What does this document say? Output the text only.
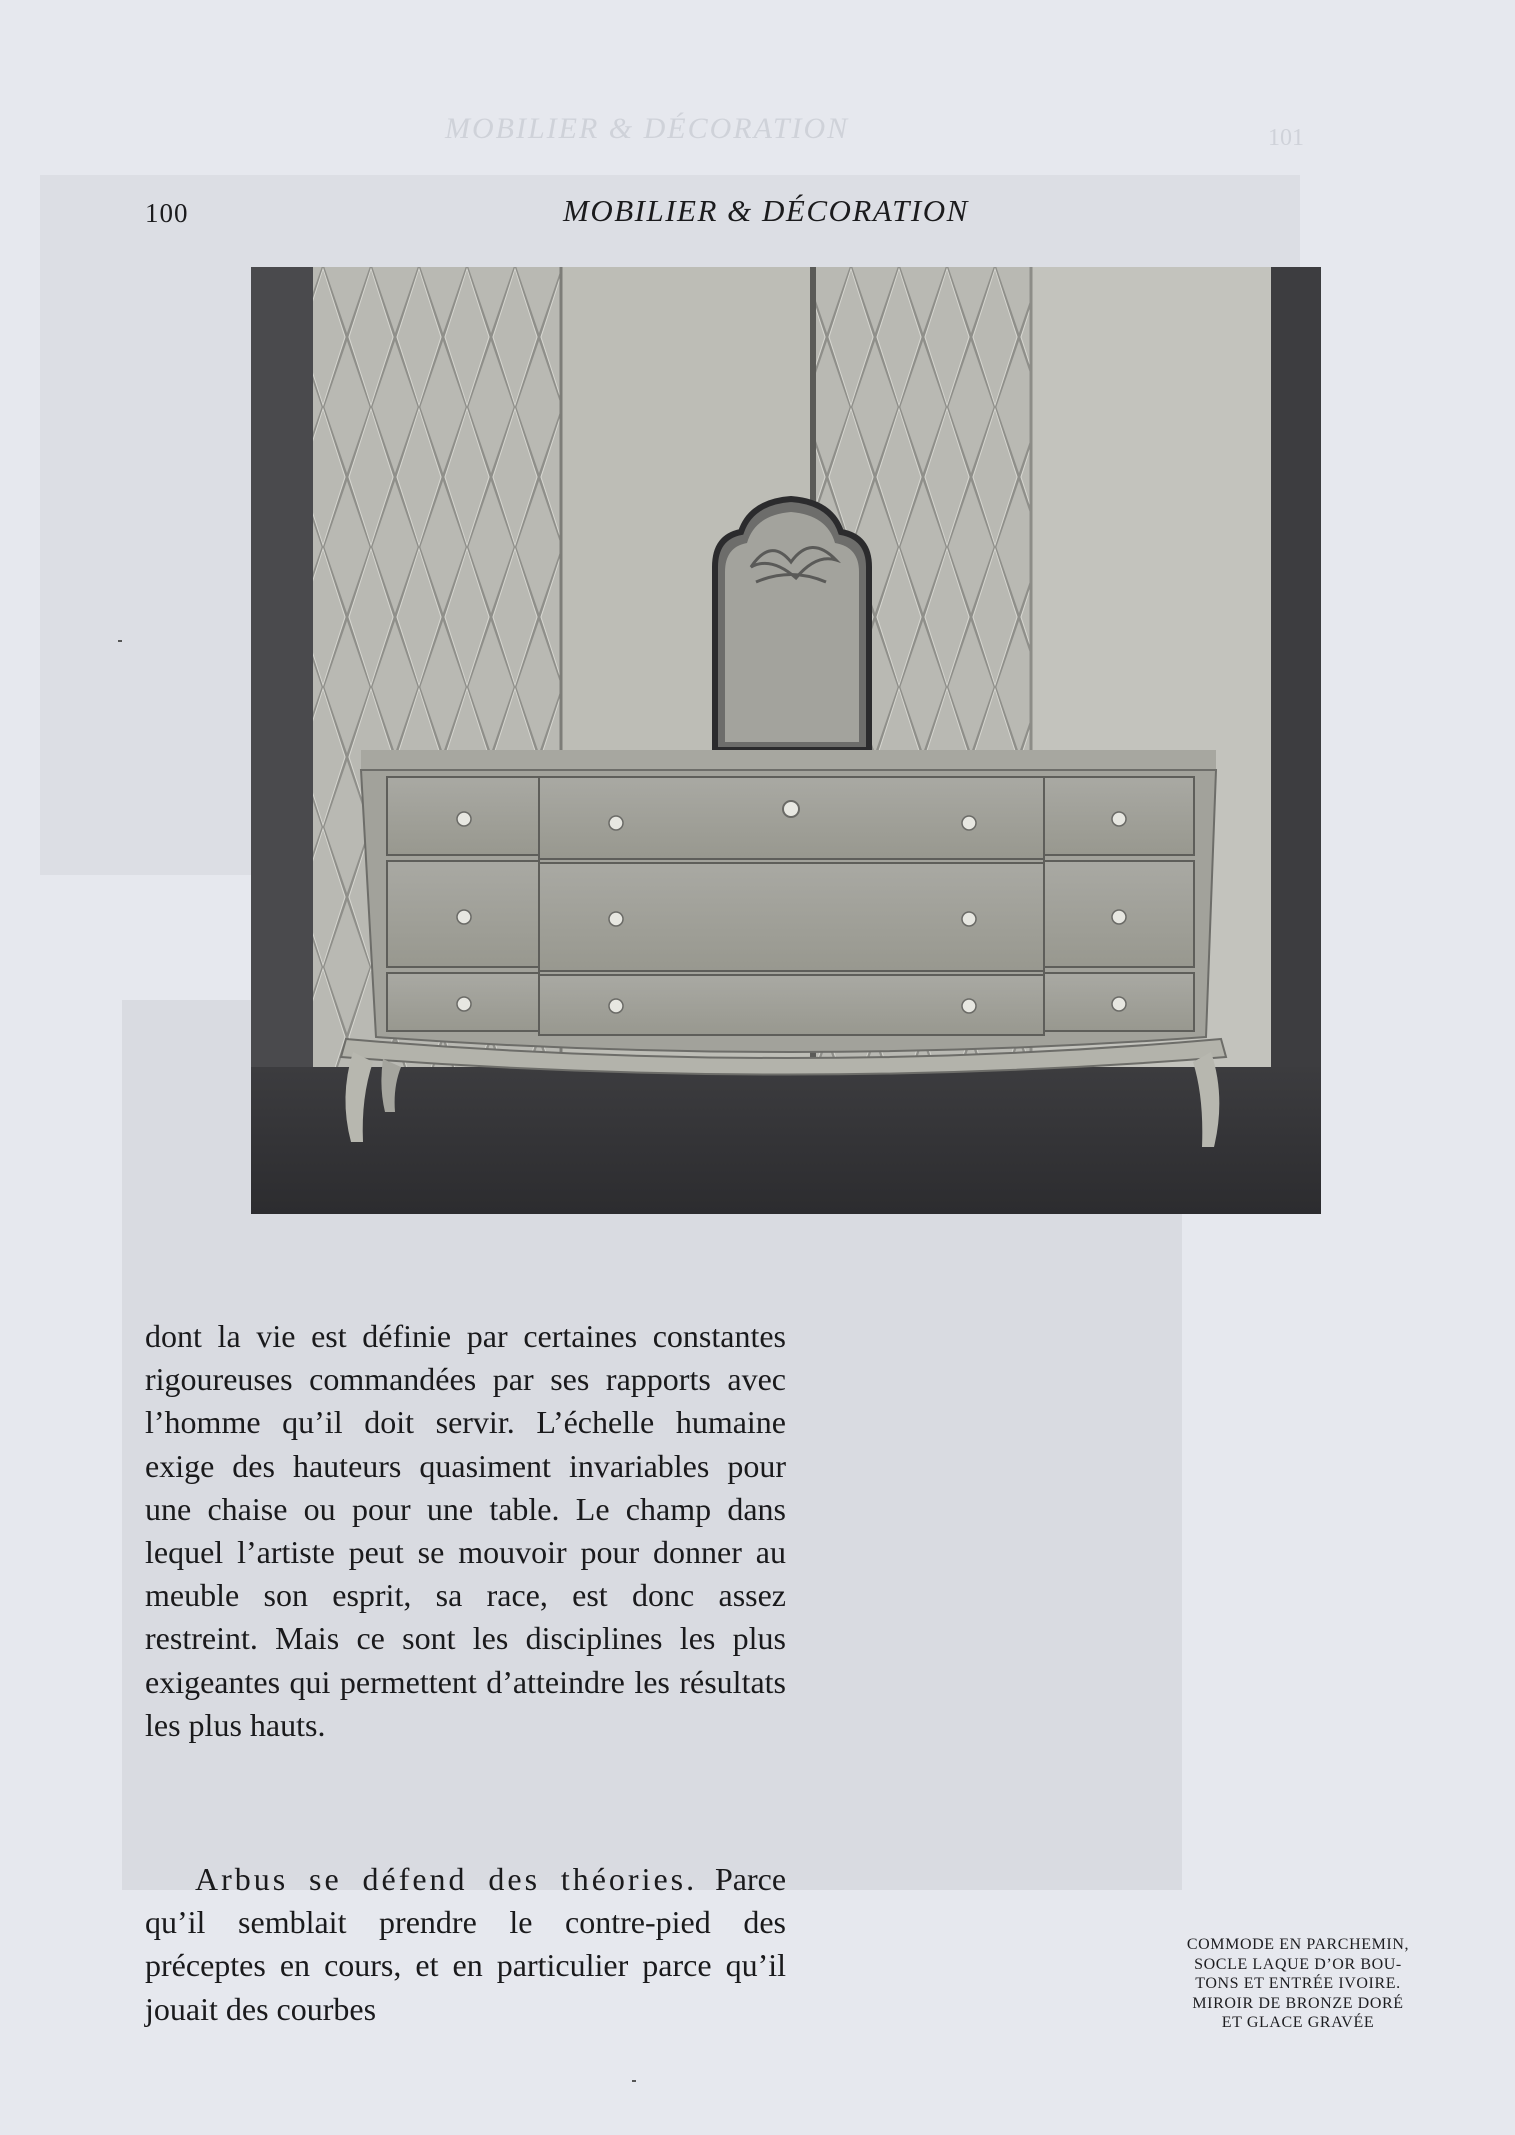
MOBILIER & DÉCORATION	101
100	MOBILIER & DÉCORATION
dont la vie est définie par certaines constantes rigoureuses commandées par ses rapports avec l’homme qu’il doit servir. L’échelle humaine exige des hauteurs quasiment invariables pour une chaise ou pour une table. Le champ dans lequel l’artiste peut se mouvoir pour donner au meuble son esprit, sa race, est donc assez restreint. Mais ce sont les disciplines les plus exigeantes qui permettent d’atteindre les résultats les plus hauts.
Arbus se défend des théories. Parce qu’il semblait prendre le contre-pied des préceptes en cours, et en particulier parce qu’il jouait des courbes
COMMODE EN PARCHEMIN,
SOCLE LAQUE D’OR BOU-
TONS ET ENTRÉE IVOIRE.
MIROIR DE BRONZE DORÉ
ET GLACE GRAVÉE
